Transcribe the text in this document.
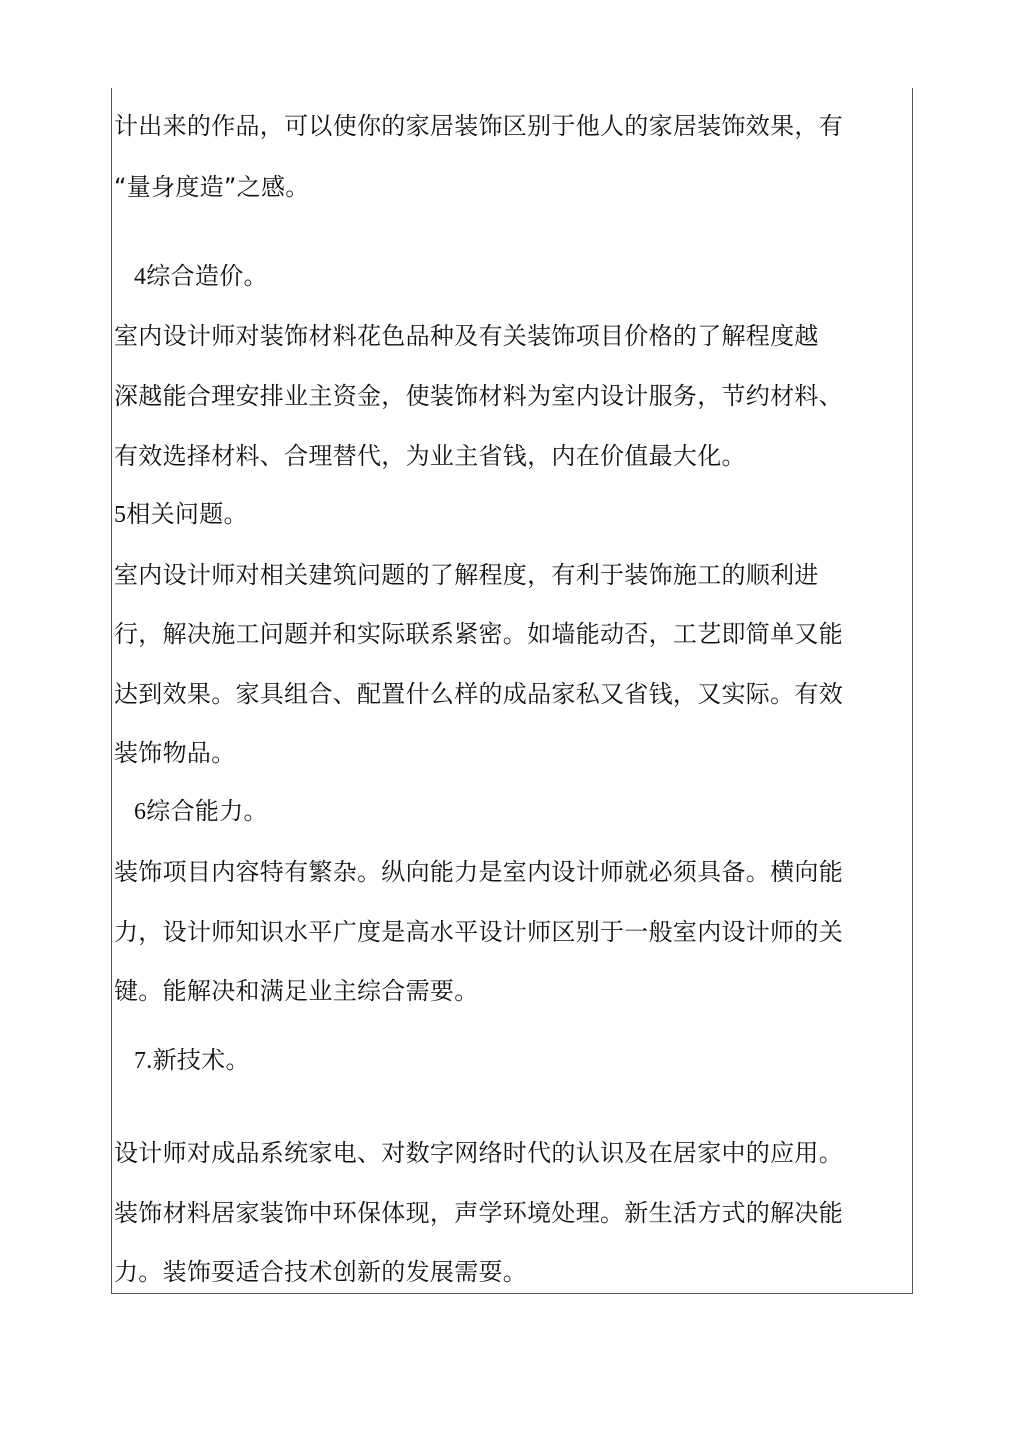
计出来的作品，可以使你的家居装饰区别于他人的家居装饰效果，有
“量身度造”之感。
4综合造价。
室内设计师对装饰材料花色品种及有关装饰项目价格的了解程度越
深越能合理安排业主资金，使装饰材料为室内设计服务，节约材料、
有效选择材料、合理替代，为业主省钱，内在价值最大化。
5相关问题。
室内设计师对相关建筑问题的了解程度，有利于装饰施工的顺利进
行，解决施工问题并和实际联系紧密。如墙能动否，工艺即简单又能
达到效果。家具组合、配置什么样的成品家私又省钱，又实际。有效
装饰物品。
6综合能力。
装饰项目内容特有繁杂。纵向能力是室内设计师就必须具备。横向能
力，设计师知识水平广度是高水平设计师区别于一般室内设计师的关
键。能解决和满足业主综合需要。
7.新技术。
设计师对成品系统家电、对数字网络时代的认识及在居家中的应用。
装饰材料居家装饰中环保体现，声学环境处理。新生活方式的解决能
力。装饰耍适合技术创新的发展需耍。
